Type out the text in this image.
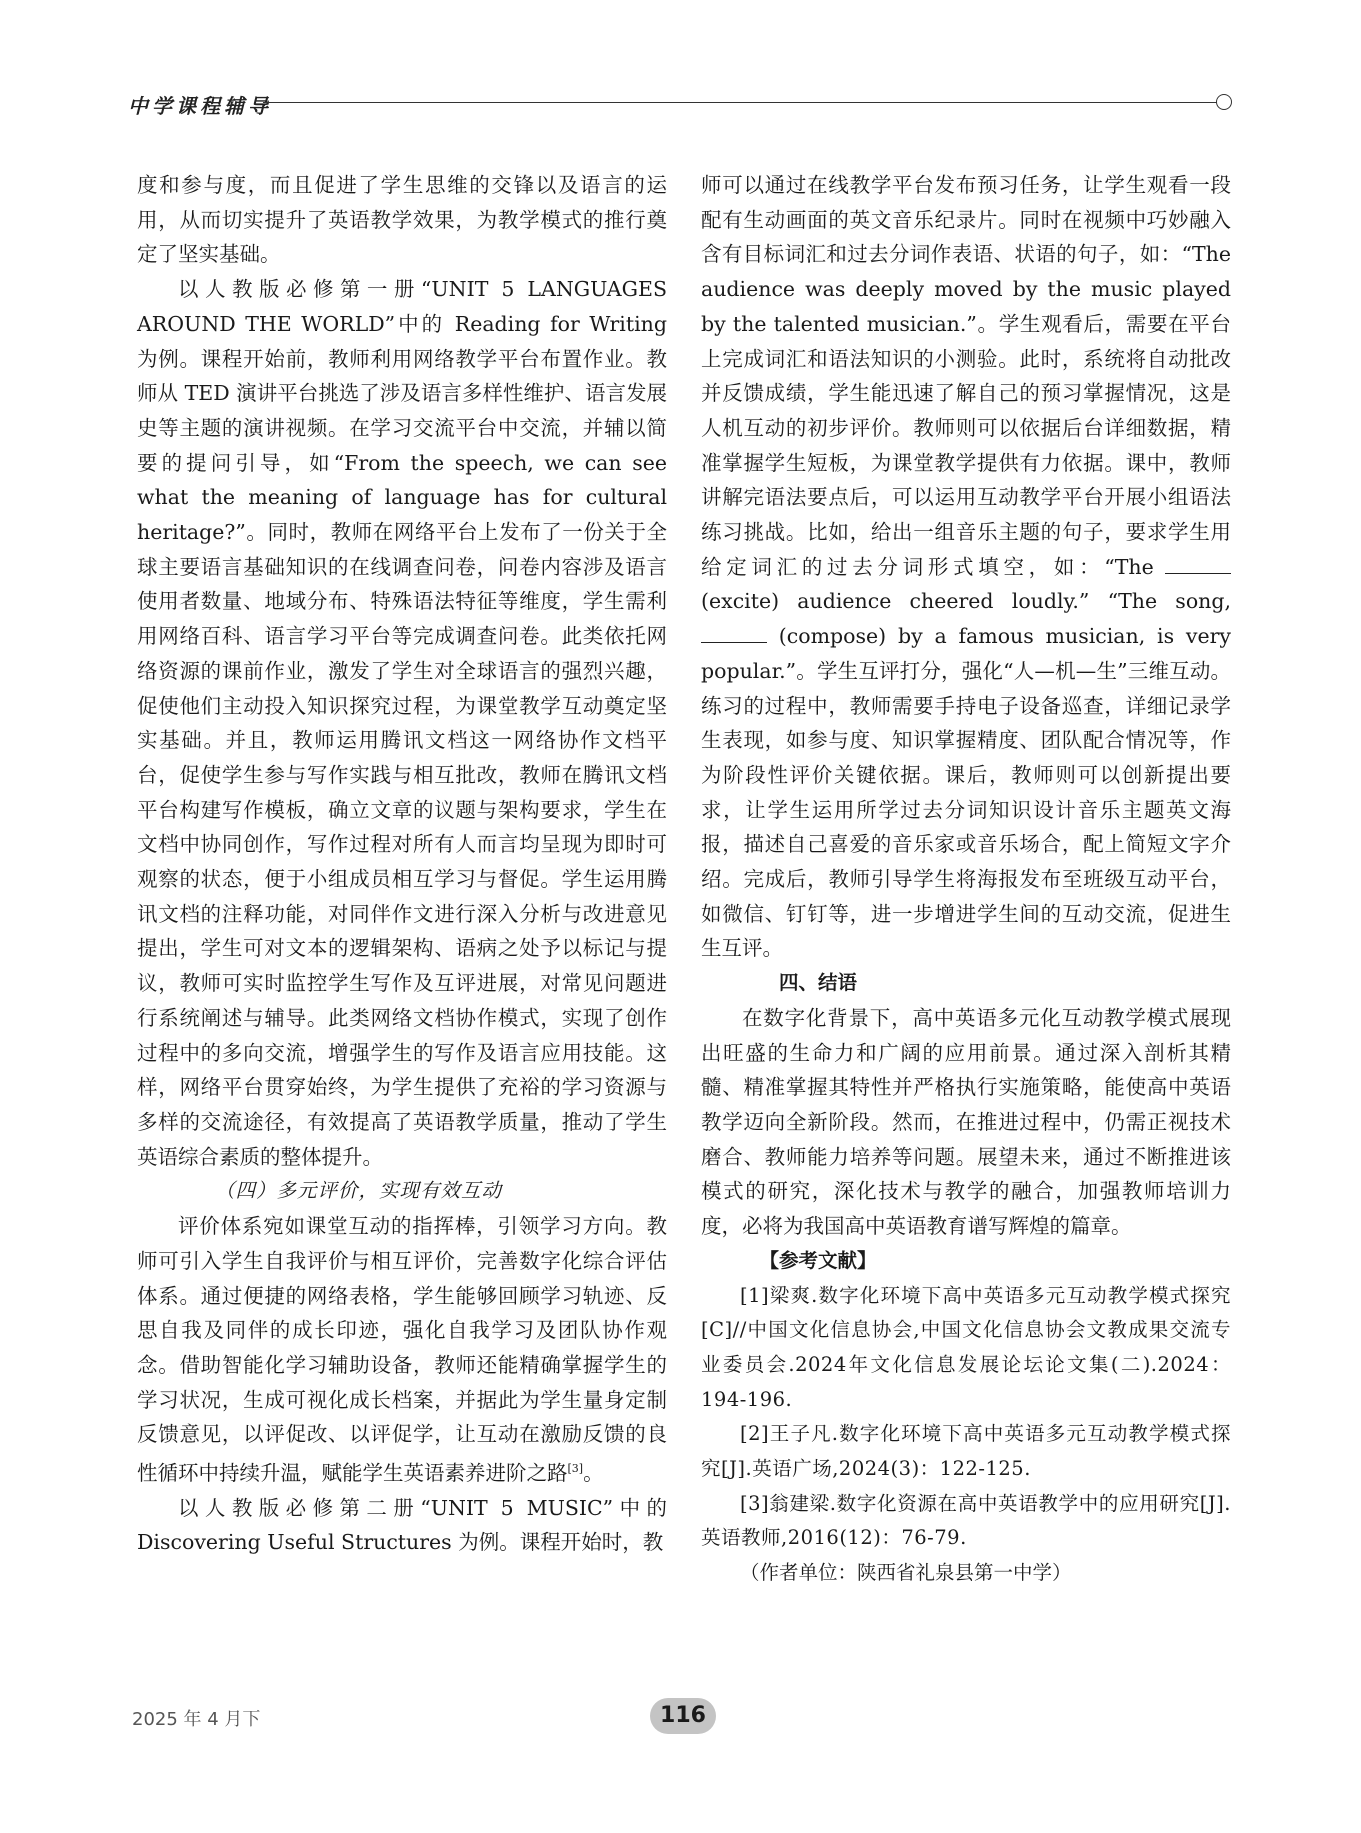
中学课程辅导

度和参与度，而且促进了学生思维的交锋以及语言的运用，从而切实提升了英语教学效果，为教学模式的推行奠定了坚实基础。

以人教版必修第一册“UNIT 5 LANGUAGES AROUND THE WORLD”中的 Reading for Writing 为例。课程开始前，教师利用网络教学平台布置作业。教师从 TED 演讲平台挑选了涉及语言多样性维护、语言发展史等主题的演讲视频。在学习交流平台中交流，并辅以简要的提问引导，如“From the speech, we can see what the meaning of language has for cultural heritage?”。同时，教师在网络平台上发布了一份关于全球主要语言基础知识的在线调查问卷，问卷内容涉及语言使用者数量、地域分布、特殊语法特征等维度，学生需利用网络百科、语言学习平台等完成调查问卷。此类依托网络资源的课前作业，激发了学生对全球语言的强烈兴趣，促使他们主动投入知识探究过程，为课堂教学互动奠定坚实基础。并且，教师运用腾讯文档这一网络协作文档平台，促使学生参与写作实践与相互批改，教师在腾讯文档平台构建写作模板，确立文章的议题与架构要求，学生在文档中协同创作，写作过程对所有人而言均呈现为即时可观察的状态，便于小组成员相互学习与督促。学生运用腾讯文档的注释功能，对同伴作文进行深入分析与改进意见提出，学生可对文本的逻辑架构、语病之处予以标记与提议，教师可实时监控学生写作及互评进展，对常见问题进行系统阐述与辅导。此类网络文档协作模式，实现了创作过程中的多向交流，增强学生的写作及语言应用技能。这样，网络平台贯穿始终，为学生提供了充裕的学习资源与多样的交流途径，有效提高了英语教学质量，推动了学生英语综合素质的整体提升。

（四）多元评价，实现有效互动

评价体系宛如课堂互动的指挥棒，引领学习方向。教师可引入学生自我评价与相互评价，完善数字化综合评估体系。通过便捷的网络表格，学生能够回顾学习轨迹、反思自我及同伴的成长印迹，强化自我学习及团队协作观念。借助智能化学习辅助设备，教师还能精确掌握学生的学习状况，生成可视化成长档案，并据此为学生量身定制反馈意见，以评促改、以评促学，让互动在激励反馈的良性循环中持续升温，赋能学生英语素养进阶之路[3]。

以人教版必修第二册“UNIT 5 MUSIC”中的 Discovering Useful Structures 为例。课程开始时，教

师可以通过在线教学平台发布预习任务，让学生观看一段配有生动画面的英文音乐纪录片。同时在视频中巧妙融入含有目标词汇和过去分词作表语、状语的句子，如：“The audience was deeply moved by the music played by the talented musician.”。学生观看后，需要在平台上完成词汇和语法知识的小测验。此时，系统将自动批改并反馈成绩，学生能迅速了解自己的预习掌握情况，这是人机互动的初步评价。教师则可以依据后台详细数据，精准掌握学生短板，为课堂教学提供有力依据。课中，教师讲解完语法要点后，可以运用互动教学平台开展小组语法练习挑战。比如，给出一组音乐主题的句子，要求学生用给定词汇的过去分词形式填空，如：“The  (excite) audience cheered loudly.” “The song,  (compose) by a famous musician, is very popular.”。学生互评打分，强化“人—机—生”三维互动。练习的过程中，教师需要手持电子设备巡查，详细记录学生表现，如参与度、知识掌握精度、团队配合情况等，作为阶段性评价关键依据。课后，教师则可以创新提出要求，让学生运用所学过去分词知识设计音乐主题英文海报，描述自己喜爱的音乐家或音乐场合，配上简短文字介绍。完成后，教师引导学生将海报发布至班级互动平台，如微信、钉钉等，进一步增进学生间的互动交流，促进生生互评。

四、结语

在数字化背景下，高中英语多元化互动教学模式展现出旺盛的生命力和广阔的应用前景。通过深入剖析其精髓、精准掌握其特性并严格执行实施策略，能使高中英语教学迈向全新阶段。然而，在推进过程中，仍需正视技术磨合、教师能力培养等问题。展望未来，通过不断推进该模式的研究，深化技术与教学的融合，加强教师培训力度，必将为我国高中英语教育谱写辉煌的篇章。

【参考文献】

[1]梁爽.数字化环境下高中英语多元互动教学模式探究[C]//中国文化信息协会,中国文化信息协会文教成果交流专业委员会.2024年文化信息发展论坛论文集(二).2024：194-196.

[2]王子凡.数字化环境下高中英语多元互动教学模式探究[J].英语广场,2024(3)：122-125.

[3]翁建梁.数字化资源在高中英语教学中的应用研究[J].英语教师,2016(12)：76-79.

（作者单位：陕西省礼泉县第一中学）

2025 年 4 月下	116
